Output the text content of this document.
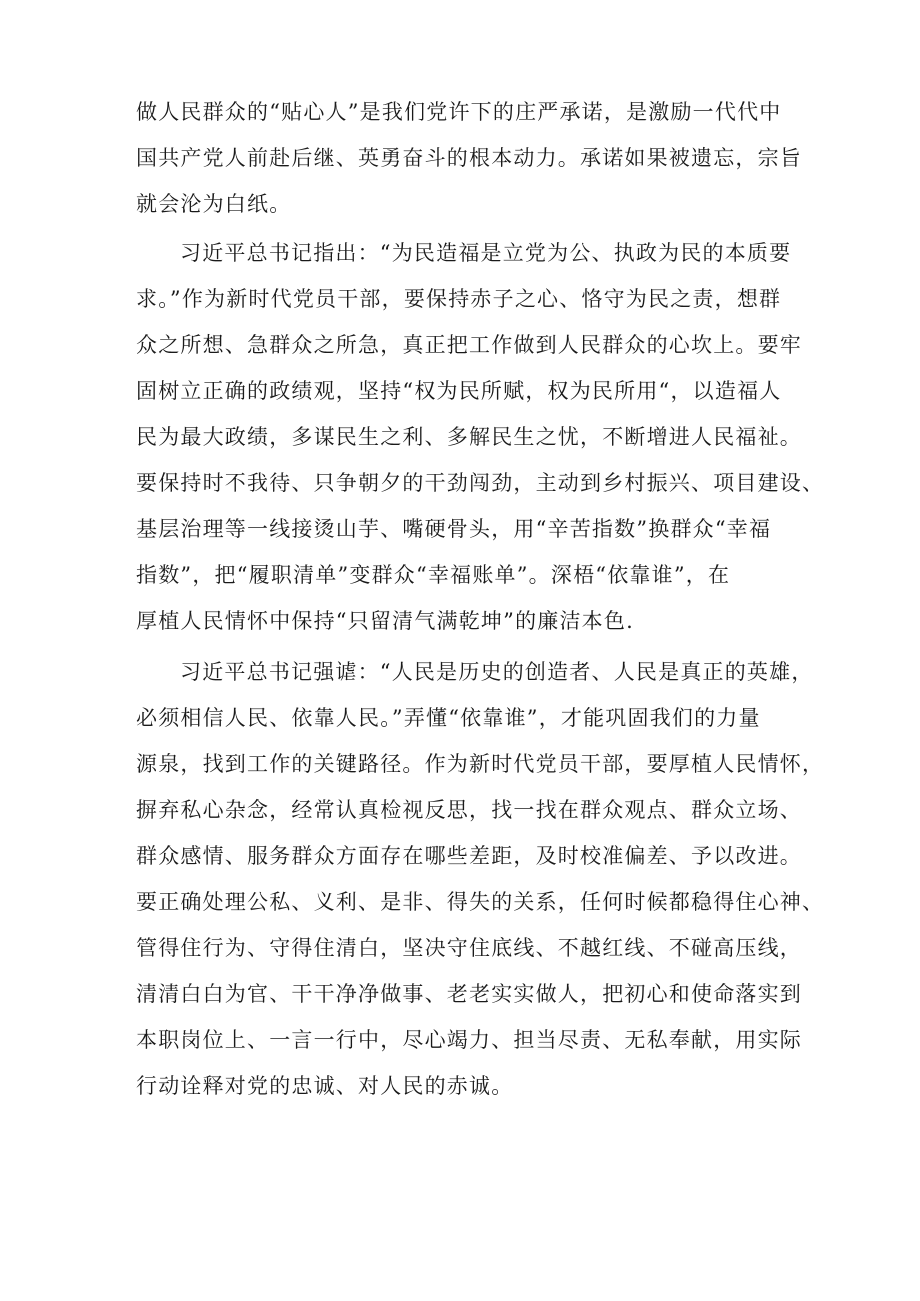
做人民群众的“贴心人”是我们党许下的庄严承诺，是激励一代代中
国共产党人前赴后继、英勇奋斗的根本动力。承诺如果被遗忘，宗旨
就会沦为白纸。
习近平总书记指出：“为民造福是立党为公、执政为民的本质要
求。”作为新时代党员干部，要保持赤子之心、恪守为民之责，想群
众之所想、急群众之所急，真正把工作做到人民群众的心坎上。要牢
固树立正确的政绩观，坚持“权为民所赋，权为民所用“，以造福人
民为最大政绩，多谋民生之利、多解民生之忧，不断增进人民福祉。
要保持时不我待、只争朝夕的干劲闯劲，主动到乡村振兴、项目建设、
基层治理等一线接烫山芋、嘴硬骨头，用“辛苦指数”换群众“幸福
指数”，把“履职清单”变群众“幸福账单”。深梧“依靠谁”，在
厚植人民情怀中保持“只留清气满乾坤”的廉洁本色.
习近平总书记强谑：“人民是历史的创造者、人民是真正的英雄，
必须相信人民、依靠人民。”弄懂“依靠谁”，才能巩固我们的力量
源泉，找到工作的关键路径。作为新时代党员干部，要厚植人民情怀，
摒弃私心杂念，经常认真检视反思，找一找在群众观点、群众立场、
群众感情、服务群众方面存在哪些差距，及时校准偏差、予以改进。
要正确处理公私、义利、是非、得失的关系，任何时候都稳得住心神、
管得住行为、守得住清白，坚决守住底线、不越红线、不碰高压线，
清清白白为官、干干净净做事、老老实实做人，把初心和使命落实到
本职岗位上、一言一行中，尽心竭力、担当尽责、无私奉献，用实际
行动诠释对党的忠诚、对人民的赤诚。
